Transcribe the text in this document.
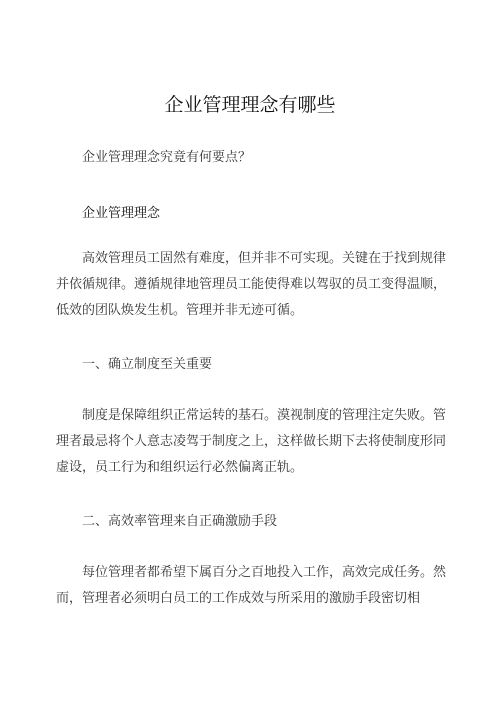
企业管理理念有哪些

企业管理理念究竟有何要点？

企业管理理念

高效管理员工固然有难度，但并非不可实现。关键在于找到规律并依循规律。遵循规律地管理员工能使得难以驾驭的员工变得温顺，低效的团队焕发生机。管理并非无迹可循。

一、确立制度至关重要

制度是保障组织正常运转的基石。漠视制度的管理注定失败。管理者最忌将个人意志凌驾于制度之上，这样做长期下去将使制度形同虚设，员工行为和组织运行必然偏离正轨。

二、高效率管理来自正确激励手段

每位管理者都希望下属百分之百地投入工作，高效完成任务。然而，管理者必须明白员工的工作成效与所采用的激励手段密切相
